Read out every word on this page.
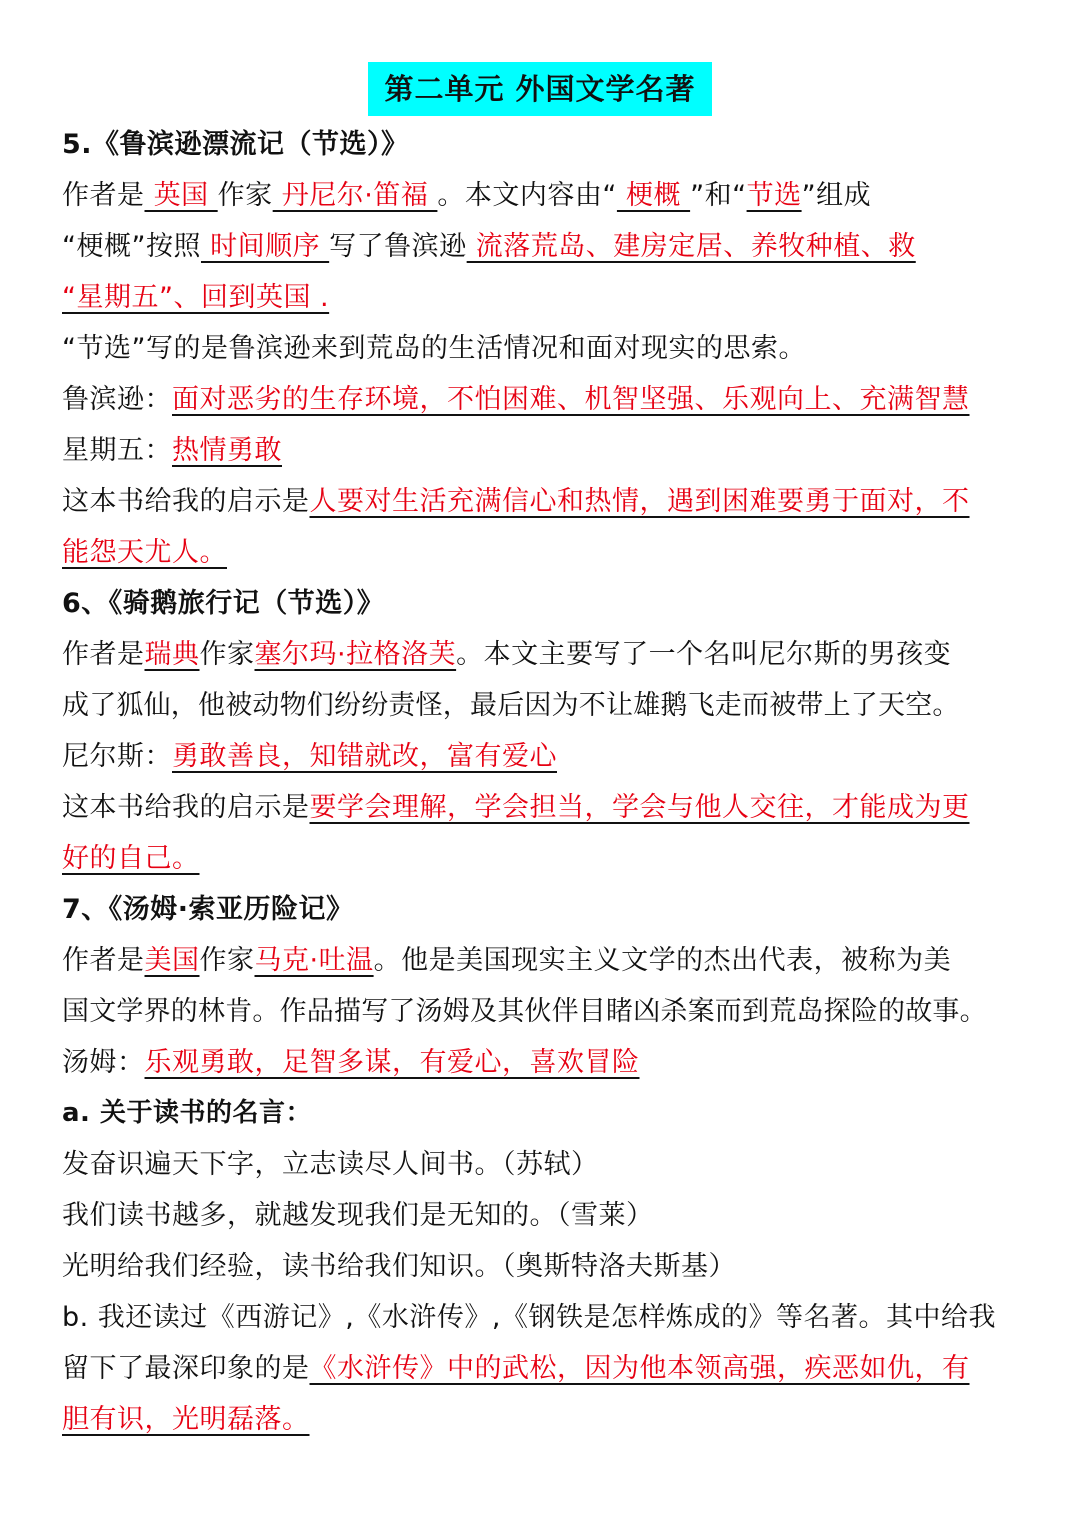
第二单元 外国文学名著
5.《鲁滨逊漂流记（节选）》
作者是 英国 作家 丹尼尔·笛福 。本文内容由“ 梗概 ”和“节选”组成
“梗概”按照 时间顺序 写了鲁滨逊 流落荒岛、建房定居、养牧种植、救
“星期五”、回到英国 .
“节选”写的是鲁滨逊来到荒岛的生活情况和面对现实的思索。
鲁滨逊：面对恶劣的生存环境，不怕困难、机智坚强、乐观向上、充满智慧
星期五：热情勇敢
这本书给我的启示是人要对生活充满信心和热情，遇到困难要勇于面对，不
能怨天尤人。
6、《骑鹅旅行记（节选）》
作者是瑞典作家塞尔玛·拉格洛芙。本文主要写了一个名叫尼尔斯的男孩变
成了狐仙，他被动物们纷纷责怪，最后因为不让雄鹅飞走而被带上了天空。
尼尔斯：勇敢善良，知错就改，富有爱心
这本书给我的启示是要学会理解，学会担当，学会与他人交往，才能成为更
好的自己。
7、《汤姆·索亚历险记》
作者是美国作家马克·吐温。他是美国现实主义文学的杰出代表，被称为美
国文学界的林肯。作品描写了汤姆及其伙伴目睹凶杀案而到荒岛探险的故事。
汤姆：乐观勇敢，足智多谋，有爱心，喜欢冒险
a. 关于读书的名言：
发奋识遍天下字，立志读尽人间书。（苏轼）
我们读书越多，就越发现我们是无知的。（雪莱）
光明给我们经验，读书给我们知识。（奥斯特洛夫斯基）
b. 我还读过《西游记》,《水浒传》,《钢铁是怎样炼成的》等名著。其中给我
留下了最深印象的是《水浒传》中的武松，因为他本领高强，疾恶如仇，有
胆有识，光明磊落。
